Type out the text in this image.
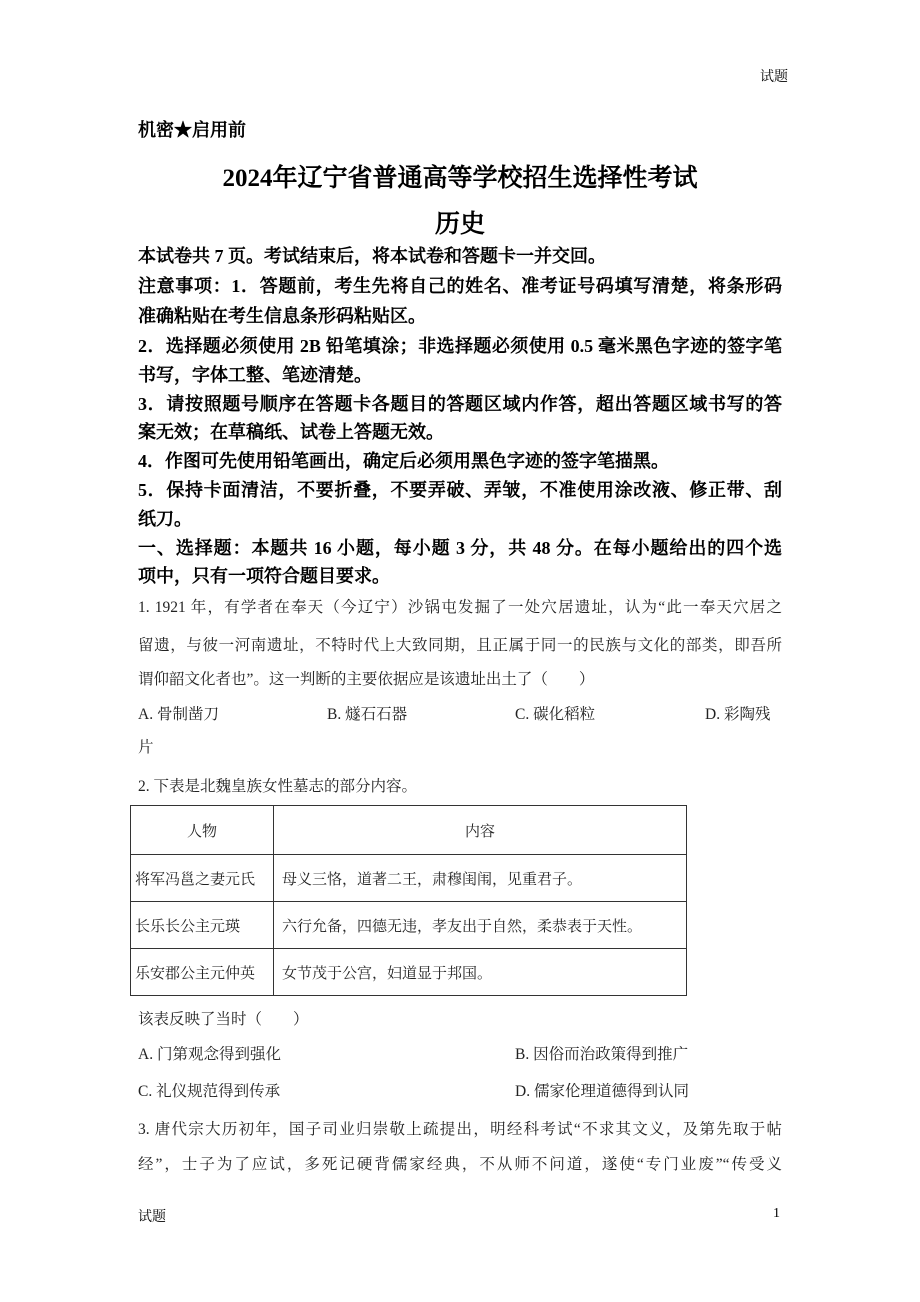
试题
机密★启用前
2024年辽宁省普通高等学校招生选择性考试
历史
本试卷共 7 页。考试结束后，将本试卷和答题卡一并交回。
注意事项：1．答题前，考生先将自己的姓名、准考证号码填写清楚，将条形码
准确粘贴在考生信息条形码粘贴区。
2．选择题必须使用 2B 铅笔填涂；非选择题必须使用 0.5 毫米黑色字迹的签字笔
书写，字体工整、笔迹清楚。
3．请按照题号顺序在答题卡各题目的答题区域内作答，超出答题区域书写的答
案无效；在草稿纸、试卷上答题无效。
4．作图可先使用铅笔画出，确定后必须用黑色字迹的签字笔描黑。
5．保持卡面清洁，不要折叠，不要弄破、弄皱，不准使用涂改液、修正带、刮
纸刀。
一、选择题：本题共 16 小题，每小题 3 分，共 48 分。在每小题给出的四个选
项中，只有一项符合题目要求。
1. 1921 年，有学者在奉天（今辽宁）沙锅屯发掘了一处穴居遗址，认为“此一奉天穴居之
留遗，与彼一河南遗址，不特时代上大致同期，且正属于同一的民族与文化的部类，即吾所
谓仰韶文化者也”。这一判断的主要依据应是该遗址出土了（　　）
A. 骨制凿刀	B. 燧石石器	C. 碳化稻粒	D. 彩陶残
片
2. 下表是北魏皇族女性墓志的部分内容。
人物	内容
将军冯邕之妻元氏	母义三恪，道著二王，肃穆闺闱，见重君子。
长乐长公主元瑛	六行允备，四德无违，孝友出于自然，柔恭表于天性。
乐安郡公主元仲英	女节茂于公宫，妇道显于邦国。
该表反映了当时（　　）
A. 门第观念得到强化	B. 因俗而治政策得到推广
C. 礼仪规范得到传承	D. 儒家伦理道德得到认同
3. 唐代宗大历初年，国子司业归崇敬上疏提出，明经科考试“不求其文义，及第先取于帖
经”，士子为了应试，多死记硬背儒家经典，不从师不问道，遂使“专门业废”“传受义
试题	1
